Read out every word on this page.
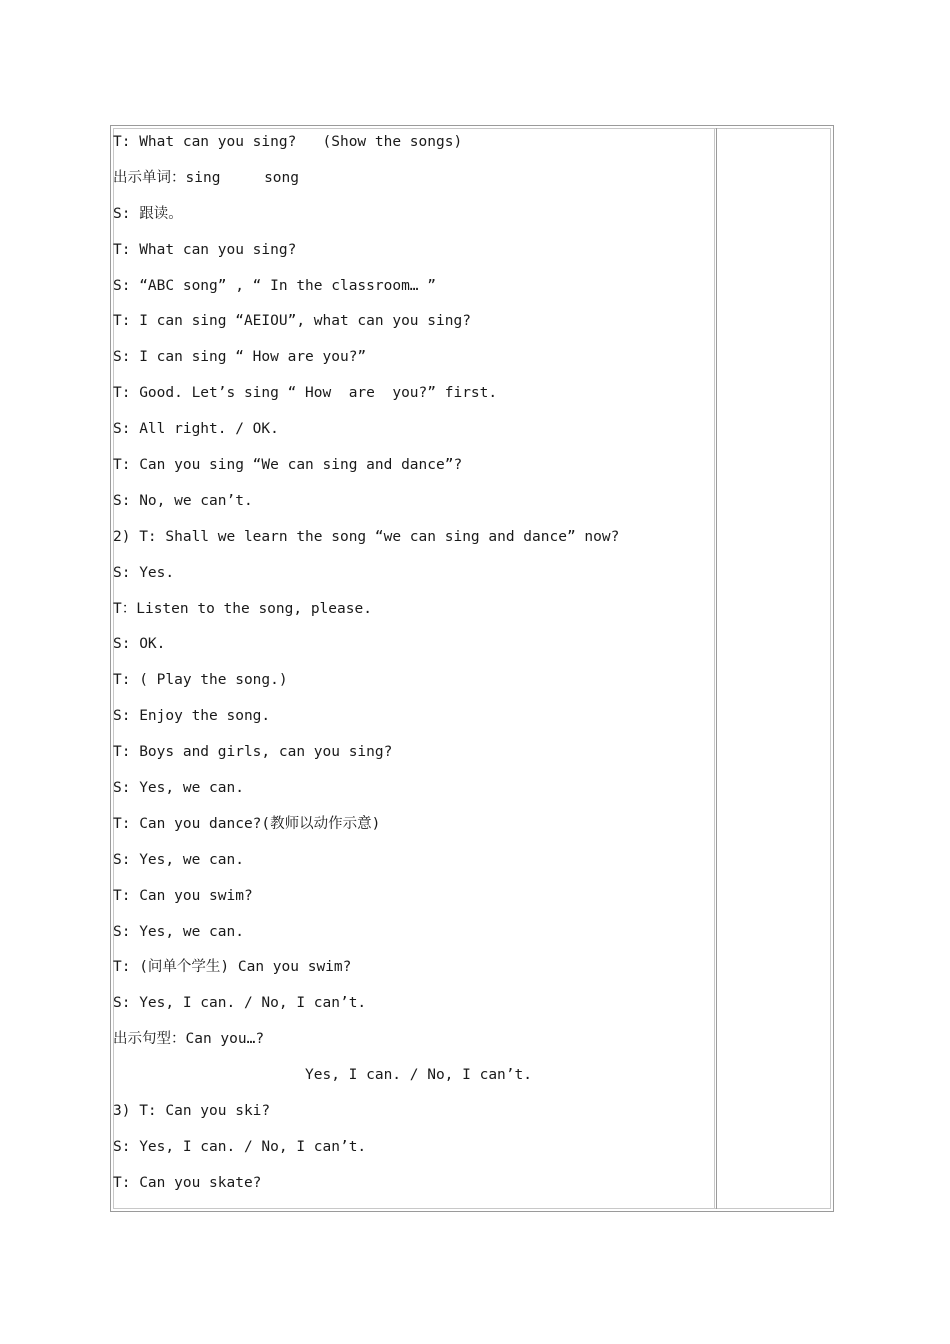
T: What can you sing?   (Show the songs)
出示单词：sing     song
S: 跟读。
T: What can you sing?
S: “ABC song” , “ In the classroom… ”
T: I can sing “AEIOU”, what can you sing?
S: I can sing “ How are you?”
T: Good. Let’s sing “ How  are  you?” first.
S: All right. / OK.
T: Can you sing “We can sing and dance”?
S: No, we can’t.
2) T: Shall we learn the song “we can sing and dance” now?
S: Yes.
T：Listen to the song, please.
S: OK.
T: ( Play the song.)
S: Enjoy the song.
T: Boys and girls, can you sing?
S: Yes, we can.
T: Can you dance?(教师以动作示意)
S: Yes, we can.
T: Can you swim?
S: Yes, we can.
T: (问单个学生) Can you swim?
S: Yes, I can. / No, I can’t.
出示句型：Can you…?
Yes, I can. / No, I can’t.
3) T: Can you ski?
S: Yes, I can. / No, I can’t.
T: Can you skate?
